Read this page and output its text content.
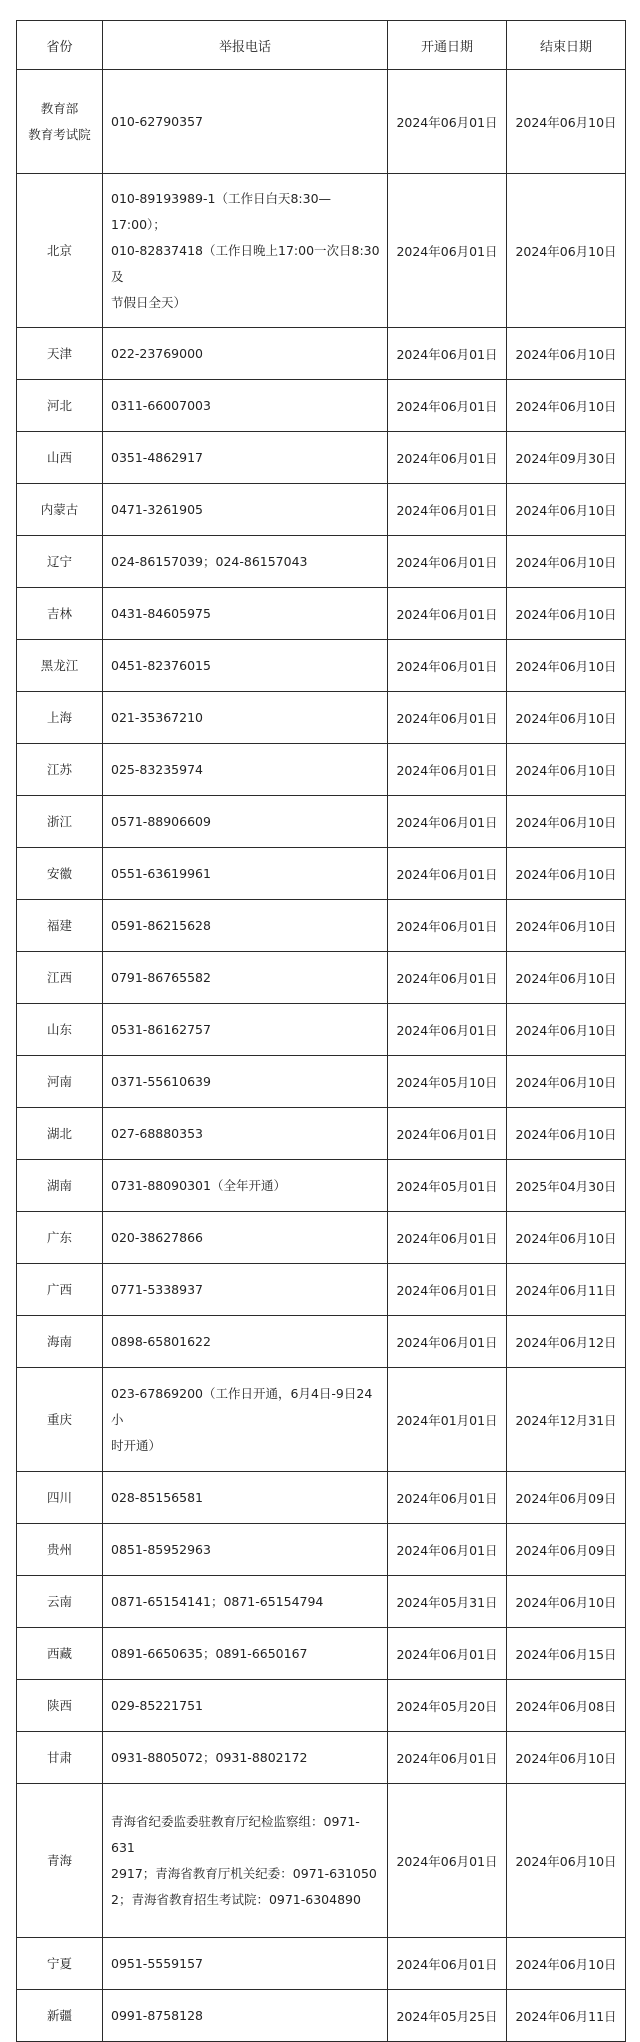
省份	举报电话	开通日期	结束日期

教育部
教育考试院	010-62790357	2024年06月01日	2024年06月10日

北京	010-89193989-1（工作日白天8:30—17:00）；
010-82837418（工作日晚上17:00一次日8:30及
节假日全天）	2024年06月01日	2024年06月10日

天津	022-23769000	2024年06月01日	2024年06月10日

河北	0311-66007003	2024年06月01日	2024年06月10日

山西	0351-4862917	2024年06月01日	2024年09月30日

内蒙古	0471-3261905	2024年06月01日	2024年06月10日

辽宁	024-86157039；024-86157043	2024年06月01日	2024年06月10日

吉林	0431-84605975	2024年06月01日	2024年06月10日

黑龙江	0451-82376015	2024年06月01日	2024年06月10日

上海	021-35367210	2024年06月01日	2024年06月10日

江苏	025-83235974	2024年06月01日	2024年06月10日

浙江	0571-88906609	2024年06月01日	2024年06月10日

安徽	0551-63619961	2024年06月01日	2024年06月10日

福建	0591-86215628	2024年06月01日	2024年06月10日

江西	0791-86765582	2024年06月01日	2024年06月10日

山东	0531-86162757	2024年06月01日	2024年06月10日

河南	0371-55610639	2024年05月10日	2024年06月10日

湖北	027-68880353	2024年06月01日	2024年06月10日

湖南	0731-88090301（全年开通）	2024年05月01日	2025年04月30日

广东	020-38627866	2024年06月01日	2024年06月10日

广西	0771-5338937	2024年06月01日	2024年06月11日

海南	0898-65801622	2024年06月01日	2024年06月12日

重庆	023-67869200（工作日开通，6月4日-9日24小
时开通）	2024年01月01日	2024年12月31日

四川	028-85156581	2024年06月01日	2024年06月09日

贵州	0851-85952963	2024年06月01日	2024年06月09日

云南	0871-65154141；0871-65154794	2024年05月31日	2024年06月10日

西藏	0891-6650635；0891-6650167	2024年06月01日	2024年06月15日

陕西	029-85221751	2024年05月20日	2024年06月08日

甘肃	0931-8805072；0931-8802172	2024年06月01日	2024年06月10日

青海	青海省纪委监委驻教育厅纪检监察组：0971-631
2917；青海省教育厅机关纪委：0971-631050
2；青海省教育招生考试院：0971-6304890	2024年06月01日	2024年06月10日

宁夏	0951-5559157	2024年06月01日	2024年06月10日

新疆	0991-8758128	2024年05月25日	2024年06月11日
